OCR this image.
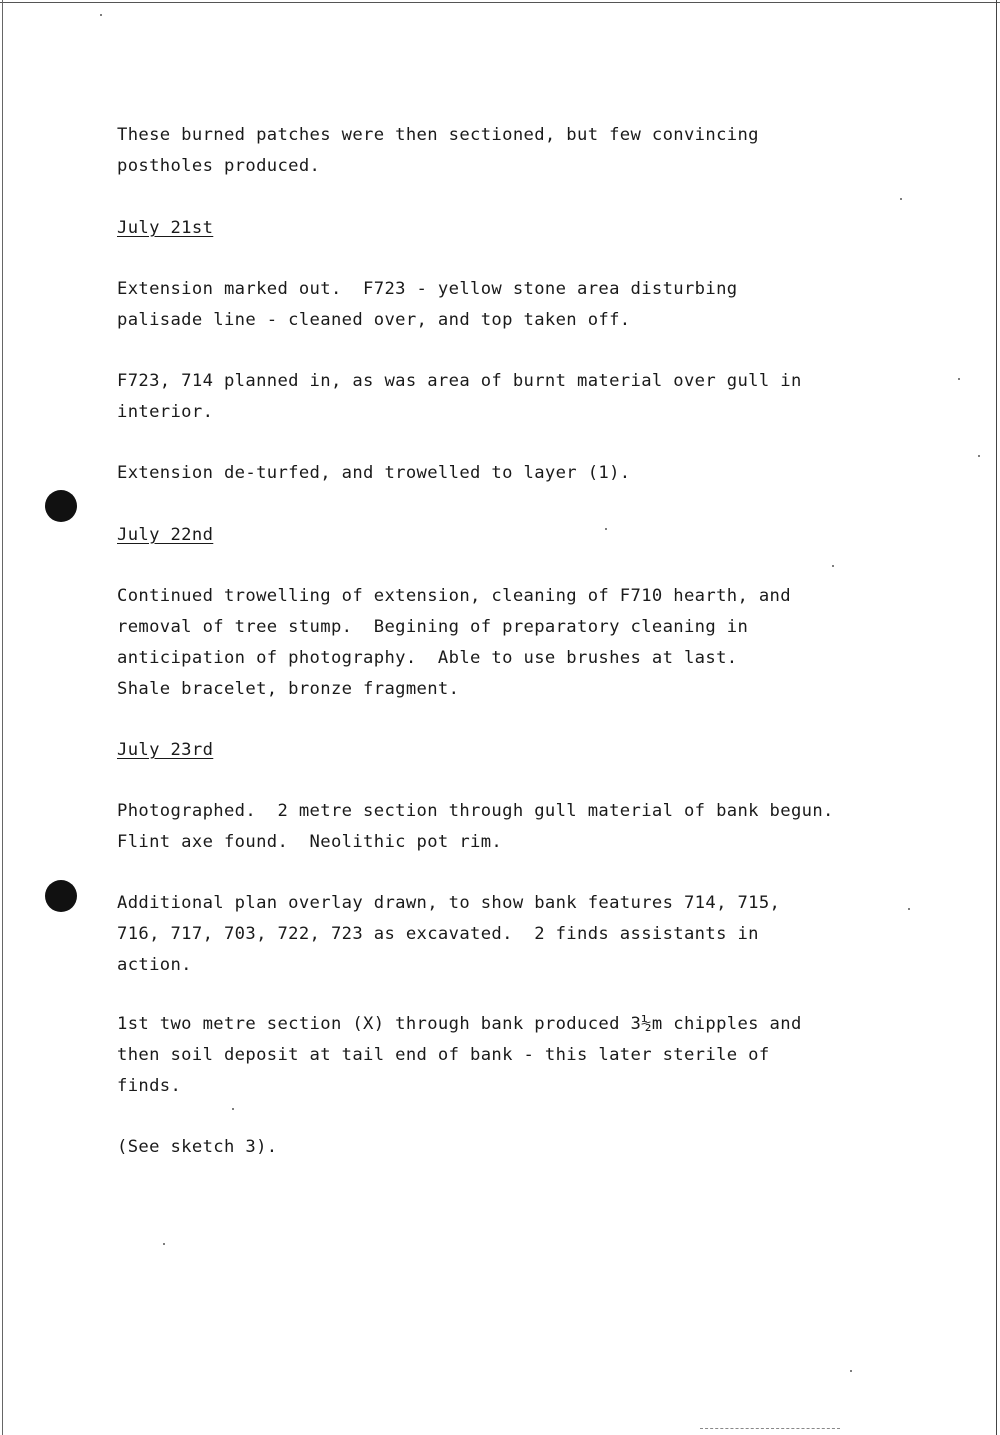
These burned patches were then sectioned, but few convincing
postholes produced.

July 21st

Extension marked out.  F723 - yellow stone area disturbing
palisade line - cleaned over, and top taken off.

F723, 714 planned in, as was area of burnt material over gull in
interior.

Extension de-turfed, and trowelled to layer (1).

July 22nd

Continued trowelling of extension, cleaning of F710 hearth, and
removal of tree stump.  Begining of preparatory cleaning in
anticipation of photography.  Able to use brushes at last.
Shale bracelet, bronze fragment.

July 23rd

Photographed.  2 metre section through gull material of bank begun.
Flint axe found.  Neolithic pot rim.

Additional plan overlay drawn, to show bank features 714, 715,
716, 717, 703, 722, 723 as excavated.  2 finds assistants in
action.

1st two metre section (X) through bank produced 3½m chipples and
then soil deposit at tail end of bank - this later sterile of
finds.

(See sketch 3).
